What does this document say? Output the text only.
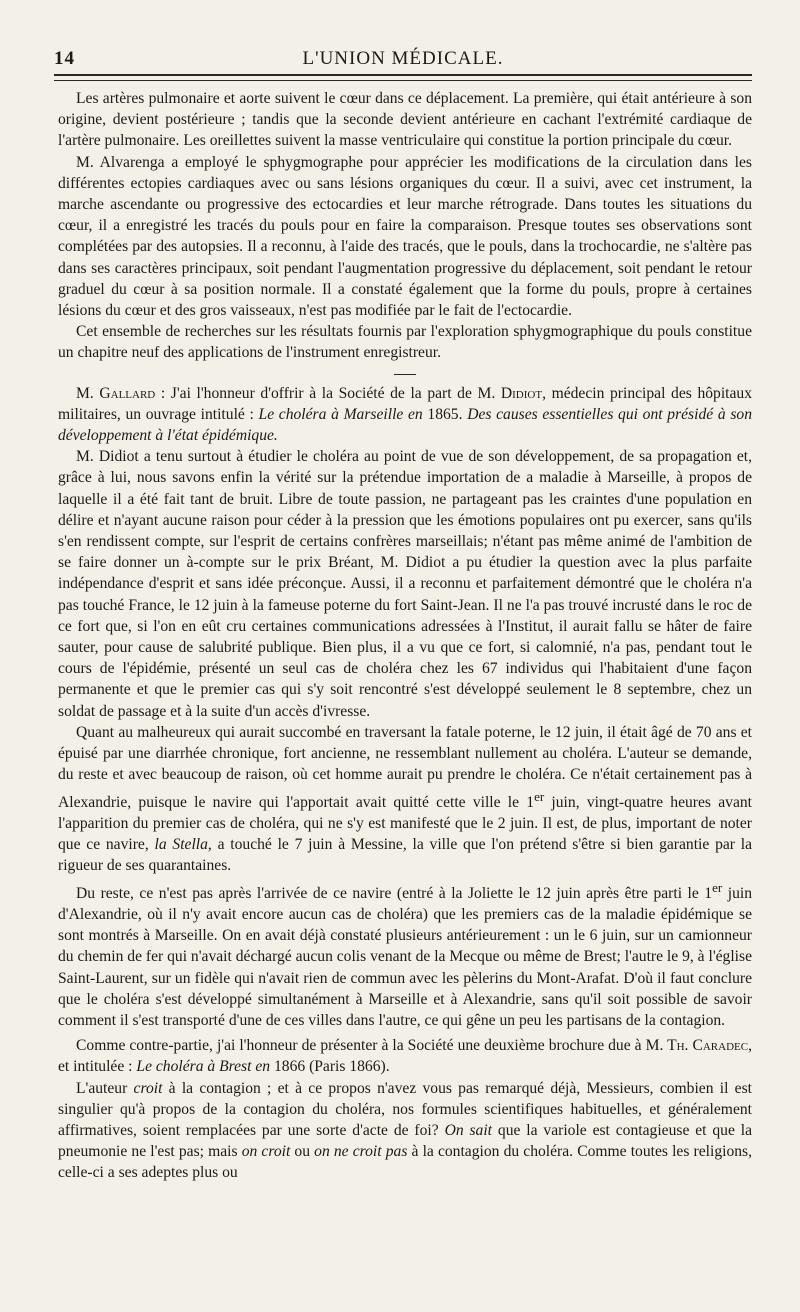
14	L'UNION MÉDICALE.

Les artères pulmonaire et aorte suivent le cœur dans ce déplacement. La première, qui était antérieure à son origine, devient postérieure ; tandis que la seconde devient antérieure en cachant l'extrémité cardiaque de l'artère pulmonaire. Les oreillettes suivent la masse ventriculaire qui constitue la portion principale du cœur.

M. Alvarenga a employé le sphygmographe pour apprécier les modifications de la circulation dans les différentes ectopies cardiaques avec ou sans lésions organiques du cœur. Il a suivi, avec cet instrument, la marche ascendante ou progressive des ectocardies et leur marche rétrograde. Dans toutes les situations du cœur, il a enregistré les tracés du pouls pour en faire la comparaison. Presque toutes ses observations sont complétées par des autopsies. Il a reconnu, à l'aide des tracés, que le pouls, dans la trochocardie, ne s'altère pas dans ses caractères principaux, soit pendant l'augmentation progressive du déplacement, soit pendant le retour graduel du cœur à sa position normale. Il a constaté également que la forme du pouls, propre à certaines lésions du cœur et des gros vaisseaux, n'est pas modifiée par le fait de l'ectocardie.

Cet ensemble de recherches sur les résultats fournis par l'exploration sphygmographique du pouls constitue un chapitre neuf des applications de l'instrument enregistreur.

M. Gallard : J'ai l'honneur d'offrir à la Société de la part de M. Didiot, médecin principal des hôpitaux militaires, un ouvrage intitulé : Le choléra à Marseille en 1865. Des causes essentielles qui ont présidé à son développement à l'état épidémique.

M. Didiot a tenu surtout à étudier le choléra au point de vue de son développement, de sa propagation et, grâce à lui, nous savons enfin la vérité sur la prétendue importation de a maladie à Marseille, à propos de laquelle il a été fait tant de bruit. Libre de toute passion, ne partageant pas les craintes d'une population en délire et n'ayant aucune raison pour céder à la pression que les émotions populaires ont pu exercer, sans qu'ils s'en rendissent compte, sur l'esprit de certains confrères marseillais; n'étant pas même animé de l'ambition de se faire donner un à-compte sur le prix Bréant, M. Didiot a pu étudier la question avec la plus parfaite indépendance d'esprit et sans idée préconçue. Aussi, il a reconnu et parfaitement démontré que le choléra n'a pas touché France, le 12 juin à la fameuse poterne du fort Saint-Jean. Il ne l'a pas trouvé incrusté dans le roc de ce fort que, si l'on en eût cru certaines communications adressées à l'Institut, il aurait fallu se hâter de faire sauter, pour cause de salubrité publique. Bien plus, il a vu que ce fort, si calomnié, n'a pas, pendant tout le cours de l'épidémie, présenté un seul cas de choléra chez les 67 individus qui l'habitaient d'une façon permanente et que le premier cas qui s'y soit rencontré s'est développé seulement le 8 septembre, chez un soldat de passage et à la suite d'un accès d'ivresse.

Quant au malheureux qui aurait succombé en traversant la fatale poterne, le 12 juin, il était âgé de 70 ans et épuisé par une diarrhée chronique, fort ancienne, ne ressemblant nullement au choléra. L'auteur se demande, du reste et avec beaucoup de raison, où cet homme aurait pu prendre le choléra. Ce n'était certainement pas à Alexandrie, puisque le navire qui l'apportait avait quitté cette ville le 1er juin, vingt-quatre heures avant l'apparition du premier cas de choléra, qui ne s'y est manifesté que le 2 juin. Il est, de plus, important de noter que ce navire, la Stella, a touché le 7 juin à Messine, la ville que l'on prétend s'être si bien garantie par la rigueur de ses quarantaines.

Du reste, ce n'est pas après l'arrivée de ce navire (entré à la Joliette le 12 juin après être parti le 1er juin d'Alexandrie, où il n'y avait encore aucun cas de choléra) que les premiers cas de la maladie épidémique se sont montrés à Marseille. On en avait déjà constaté plusieurs antérieurement : un le 6 juin, sur un camionneur du chemin de fer qui n'avait déchargé aucun colis venant de la Mecque ou même de Brest; l'autre le 9, à l'église Saint-Laurent, sur un fidèle qui n'avait rien de commun avec les pèlerins du Mont-Arafat. D'où il faut conclure que le choléra s'est développé simultanément à Marseille et à Alexandrie, sans qu'il soit possible de savoir comment il s'est transporté d'une de ces villes dans l'autre, ce qui gêne un peu les partisans de la contagion.

Comme contre-partie, j'ai l'honneur de présenter à la Société une deuxième brochure due à M. Th. Caradec, et intitulée : Le choléra à Brest en 1866 (Paris 1866).

L'auteur croit à la contagion ; et à ce propos n'avez vous pas remarqué déjà, Messieurs, combien il est singulier qu'à propos de la contagion du choléra, nos formules scientifiques habituelles, et généralement affirmatives, soient remplacées par une sorte d'acte de foi? On sait que la variole est contagieuse et que la pneumonie ne l'est pas; mais on croit ou on ne croit pas à la contagion du choléra. Comme toutes les religions, celle-ci a ses adeptes plus ou
